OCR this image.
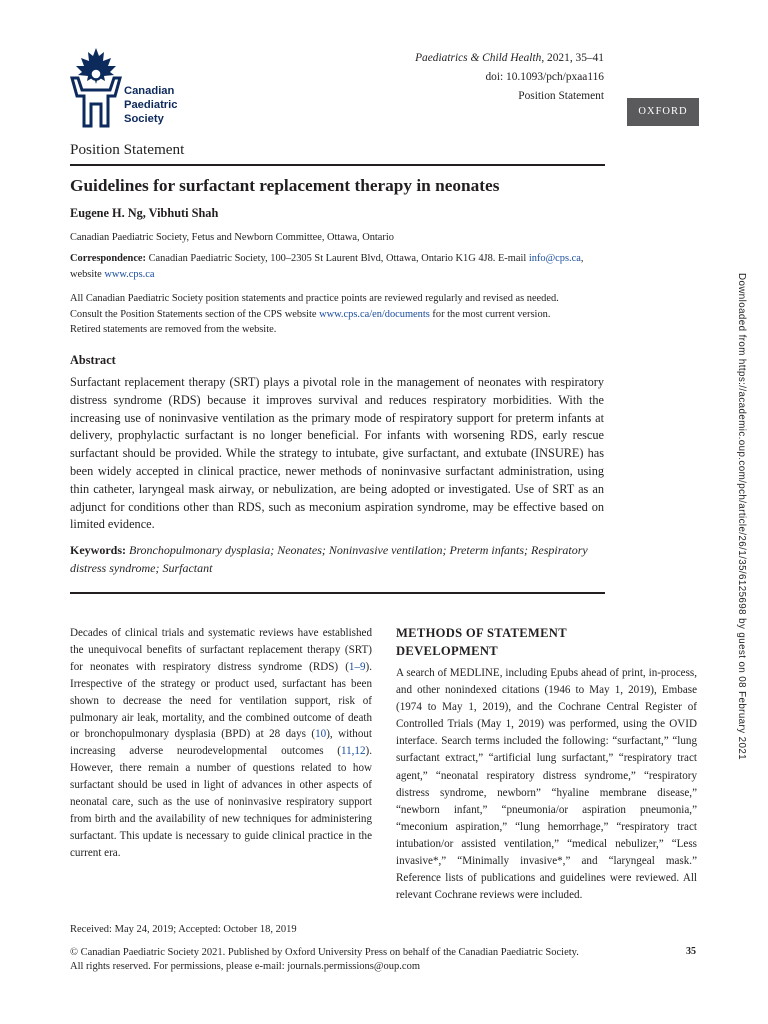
Canadian
Paediatric
Society
Paediatrics & Child Health, 2021, 35–41
doi: 10.1093/pch/pxaa116
Position Statement
OXFORD
Position Statement
Guidelines for surfactant replacement therapy in neonates
Eugene H. Ng, Vibhuti Shah
Canadian Paediatric Society, Fetus and Newborn Committee, Ottawa, Ontario
Correspondence: Canadian Paediatric Society, 100–2305 St Laurent Blvd, Ottawa, Ontario K1G 4J8. E-mail info@cps.ca,
website www.cps.ca
All Canadian Paediatric Society position statements and practice points are reviewed regularly and revised as needed.
Consult the Position Statements section of the CPS website www.cps.ca/en/documents for the most current version.
Retired statements are removed from the website.
Abstract
Surfactant replacement therapy (SRT) plays a pivotal role in the management of neonates with respiratory distress syndrome (RDS) because it improves survival and reduces respiratory morbidities. With the increasing use of noninvasive ventilation as the primary mode of respiratory support for preterm infants at delivery, prophylactic surfactant is no longer beneficial. For infants with worsening RDS, early rescue surfactant should be provided. While the strategy to intubate, give surfactant, and extubate (INSURE) has been widely accepted in clinical practice, newer methods of noninvasive surfactant administration, using thin catheter, laryngeal mask airway, or nebulization, are being adopted or investigated. Use of SRT as an adjunct for conditions other than RDS, such as meconium aspiration syndrome, may be effective based on limited evidence.
Keywords: Bronchopulmonary dysplasia; Neonates; Noninvasive ventilation; Preterm infants; Respiratory distress syndrome; Surfactant
Decades of clinical trials and systematic reviews have established the unequivocal benefits of surfactant replacement therapy (SRT) for neonates with respiratory distress syndrome (RDS) (1–9). Irrespective of the strategy or product used, surfactant has been shown to decrease the need for ventilation support, risk of pulmonary air leak, mortality, and the combined outcome of death or bronchopulmonary dysplasia (BPD) at 28 days (10), without increasing adverse neurodevelopmental outcomes (11,12). However, there remain a number of questions related to how surfactant should be used in light of advances in other aspects of neonatal care, such as the use of noninvasive respiratory support from birth and the availability of new techniques for administering surfactant. This update is necessary to guide clinical practice in the current era.
METHODS OF STATEMENT DEVELOPMENT
A search of MEDLINE, including Epubs ahead of print, in-process, and other nonindexed citations (1946 to May 1, 2019), Embase (1974 to May 1, 2019), and the Cochrane Central Register of Controlled Trials (May 1, 2019) was performed, using the OVID interface. Search terms included the following: “surfactant,” “lung surfactant extract,” “artificial lung surfactant,” “respiratory tract agent,” “neonatal respiratory distress syndrome,” “respiratory distress syndrome, newborn” “hyaline membrane disease,” “newborn infant,” “pneumonia/or aspiration pneumonia,” “meconium aspiration,” “lung hemorrhage,” “respiratory tract intubation/or assisted ventilation,” “medical nebulizer,” “Less invasive*,” “Minimally invasive*,” and “laryngeal mask.” Reference lists of publications and guidelines were reviewed. All relevant Cochrane reviews were included.
Received: May 24, 2019; Accepted: October 18, 2019
© Canadian Paediatric Society 2021. Published by Oxford University Press on behalf of the Canadian Paediatric Society.
All rights reserved. For permissions, please e-mail: journals.permissions@oup.com
35
Downloaded from https://academic.oup.com/pch/article/26/1/35/6125698 by guest on 08 February 2021
